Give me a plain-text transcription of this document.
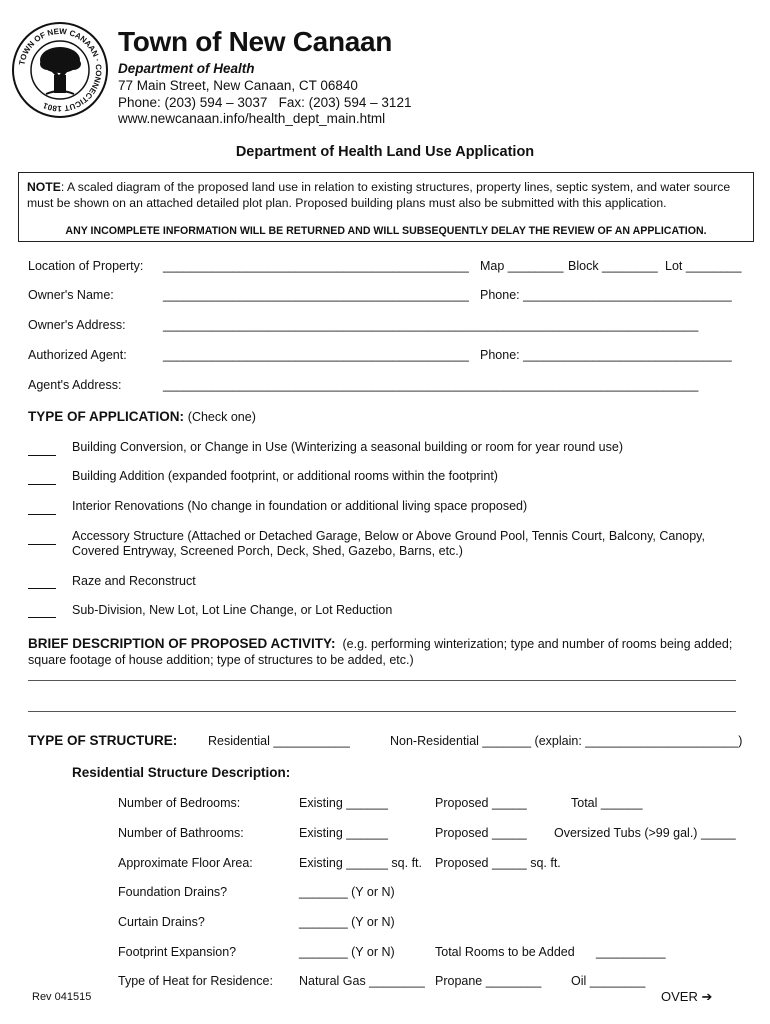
TOWN OF NEW CANAAN · CONNECTICUT 1801
Town of New Canaan
Department of Health
77 Main Street, New Canaan, CT 06840
Phone: (203) 594 – 3037   Fax: (203) 594 – 3121
www.newcanaan.info/health_dept_main.html
Department of Health Land Use Application
NOTE: A scaled diagram of the proposed land use in relation to existing structures, property lines, septic system, and water source must be shown on an attached detailed plot plan. Proposed building plans must also be submitted with this application.
ANY INCOMPLETE INFORMATION WILL BE RETURNED AND WILL SUBSEQUENTLY DELAY THE REVIEW OF AN APPLICATION.
Location of Property: ____________________________________________ Map ________ Block ________ Lot ________
Owner's Name:	____________________________________________ Phone: ______________________________
Owner's Address:	_____________________________________________________________________________
Authorized Agent:	____________________________________________ Phone: ______________________________
Agent's Address:	_____________________________________________________________________________
TYPE OF APPLICATION: (Check one)
Building Conversion, or Change in Use (Winterizing a seasonal building or room for year round use)
Building Addition (expanded footprint, or additional rooms within the footprint)
Interior Renovations (No change in foundation or additional living space proposed)
Accessory Structure (Attached or Detached Garage, Below or Above Ground Pool, Tennis Court, Balcony, Canopy,
Covered Entryway, Screened Porch, Deck, Shed, Gazebo, Barns, etc.)
Raze and Reconstruct
Sub-Division, New Lot, Lot Line Change, or Lot Reduction
BRIEF DESCRIPTION OF PROPOSED ACTIVITY: (e.g. performing winterization; type and number of rooms being added; square footage of house addition; type of structures to be added, etc.)
TYPE OF STRUCTURE: Residential ___________	Non-Residential _______ (explain: ______________________)
Residential Structure Description:
Number of Bedrooms:	Existing ______	Proposed _____	Total ______
Number of Bathrooms:	Existing ______	Proposed _____ Oversized Tubs (>99 gal.) _____
Approximate Floor Area:	Existing ______ sq. ft. Proposed _____ sq. ft.
Foundation Drains?	_______ (Y or N)
Curtain Drains?	_______ (Y or N)
Footprint Expansion?	_______ (Y or N)	Total Rooms to be Added __________
Type of Heat for Residence: Natural Gas ________ Propane ________ Oil ________
Rev 041515	OVER ➔
